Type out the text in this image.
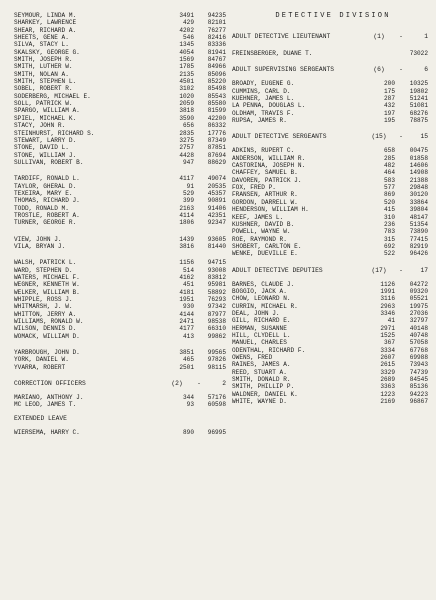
SEYMOUR, LINDA M.	3491	94235
SHARKEY, LAWRENCE	429	82101
SHEAR, RICHARD A.	4202	76277
SHEETS, GENE A.	546	82416
SILVA, STACY L.	1345	83336
SKALSKY, GEORGE G.	4054	81941
SMITH, JOSEPH R.	1569	84767
SMITH, LUTHER W.	1785	84966
SMITH, NOLAN A.	2135	85096
SMITH, STEPHEN L.	4501	85220
SOBEL, ROBERT R.	3102	85498
SODERBERG, MICHAEL E.	1020	85543
SOLL, PATRICK W.	2059	85580
SPARGO, WILLIAM A.	3818	81599
SPIEL, MICHAEL K.	3590	42200
STACY, JOHN R.	656	86332
STEINHURST, RICHARD S.	2835	17776
STEWART, LARRY D.	3275	87349
STONE, DAVID L.	2757	87851
STONE, WILLIAM J.	4428	87694
SULLIVAN, ROBERT B.	947	88629
TARDIFF, RONALD L.	4117	49074
TAYLOR, GHERAL D.	91	20535
TEXEIRA, MARY E.	529	45357
THOMAS, RICHARD J.	399	90891
TODD, RONALD M.	2163	91406
TROSTLE, ROBERT A.	4114	42351
TURNER, GEORGE R.	1806	92347
VIEW, JOHN J.	1439	93605
VILA, BRYAN J.	3816	81440
WALSH, PATRICK L.	1156	94715
WARD, STEPHEN D.	514	93008
WATERS, MICHAEL F.	4162	83812
WEGNER, KENNETH W.	451	95981
WELKER, WILLIAM B.	4181	58892
WHIPPLE, ROSS J.	1951	76293
WHITMARSH, J. W.	930	97342
WHITTON, JERRY A.	4144	87977
WILLIAMS, RONALD W.	2471	98538
WILSON, DENNIS D.	4177	66310
WOMACK, WILLIAM D.	413	99862
YARBROUGH, JOHN D.	3851	99565
YORK, DANIEL W.	465	97826
YVARRA, ROBERT	2501	98115
CORRECTION OFFICERS	(2)	-	2
MARIANO, ANTHONY J.	344	57176
MC LEOD, JAMES T.	93	60598
EXTENDED LEAVE
WIERSEMA, HARRY C.	890	96995
DETECTIVE DIVISION
ADULT DETECTIVE LIEUTENANT	(1)	-	1
FREINSBERGER, DUANE T.	73022
ADULT SUPERVISING SERGEANTS	(6)	-	6
BROADY, EUGENE G.	200	10325
CUMMINS, CARL D.	175	19802
KUEHNER, JAMES L.	287	51241
LA PENNA, DOUGLAS L.	432	51081
OLDHAM, TRAVIS F.	197	68276
RUPSA, JAMES R.	195	78875
ADULT DETECTIVE SERGEANTS	(15)	-	15
ADKINS, RUPERT C.	658	00475
ANDERSON, WILLIAM R.	285	01858
CASTORINA, JOSEPH N.	482	14606
CHAFFEY, SAMUEL B.	464	14908
DAVOREN, PATRICK J.	583	21388
FOX, FRED P.	577	29848
FRANSEN, ARTHUR R.	869	30120
GORDON, DARRELL W.	520	33864
HENDERSON, WILLIAM H.	415	39804
KEEF, JAMES L.	310	48147
KUSHNER, DAVID B.	236	51354
POWELL, WAYNE W.	783	73890
ROE, RAYMOND R.	315	77415
SHOBERT, CARLTON E.	692	82919
WENKE, DUEVILLE E.	522	96426
ADULT DETECTIVE DEPUTIES	(17)	-	17
BARNES, CLAUDE J.	1126	04272
BOGGIO, JACK A.	1991	09320
CHOW, LEONARD N.	3116	05521
CURRIN, MICHAEL R.	2963	19975
DEAL, JOHN J.	3346	27036
GILL, RICHARD E.	41	32797
HERMAN, SUSANNE	2971	40148
HILL, CLYDELL L.	1525	40748
MANUEL, CHARLES	367	57058
ODENTHAL, RICHARD F.	3334	67768
OWENS, FRED	2607	69988
RAINES, JAMES A.	2615	73943
REED, STUART A.	3329	74739
SMITH, DONALD R.	2689	84545
SMITH, PHILLIP P.	3363	85136
WALDNER, DANIEL K.	1223	94223
WHITE, WAYNE D.	2169	96867
